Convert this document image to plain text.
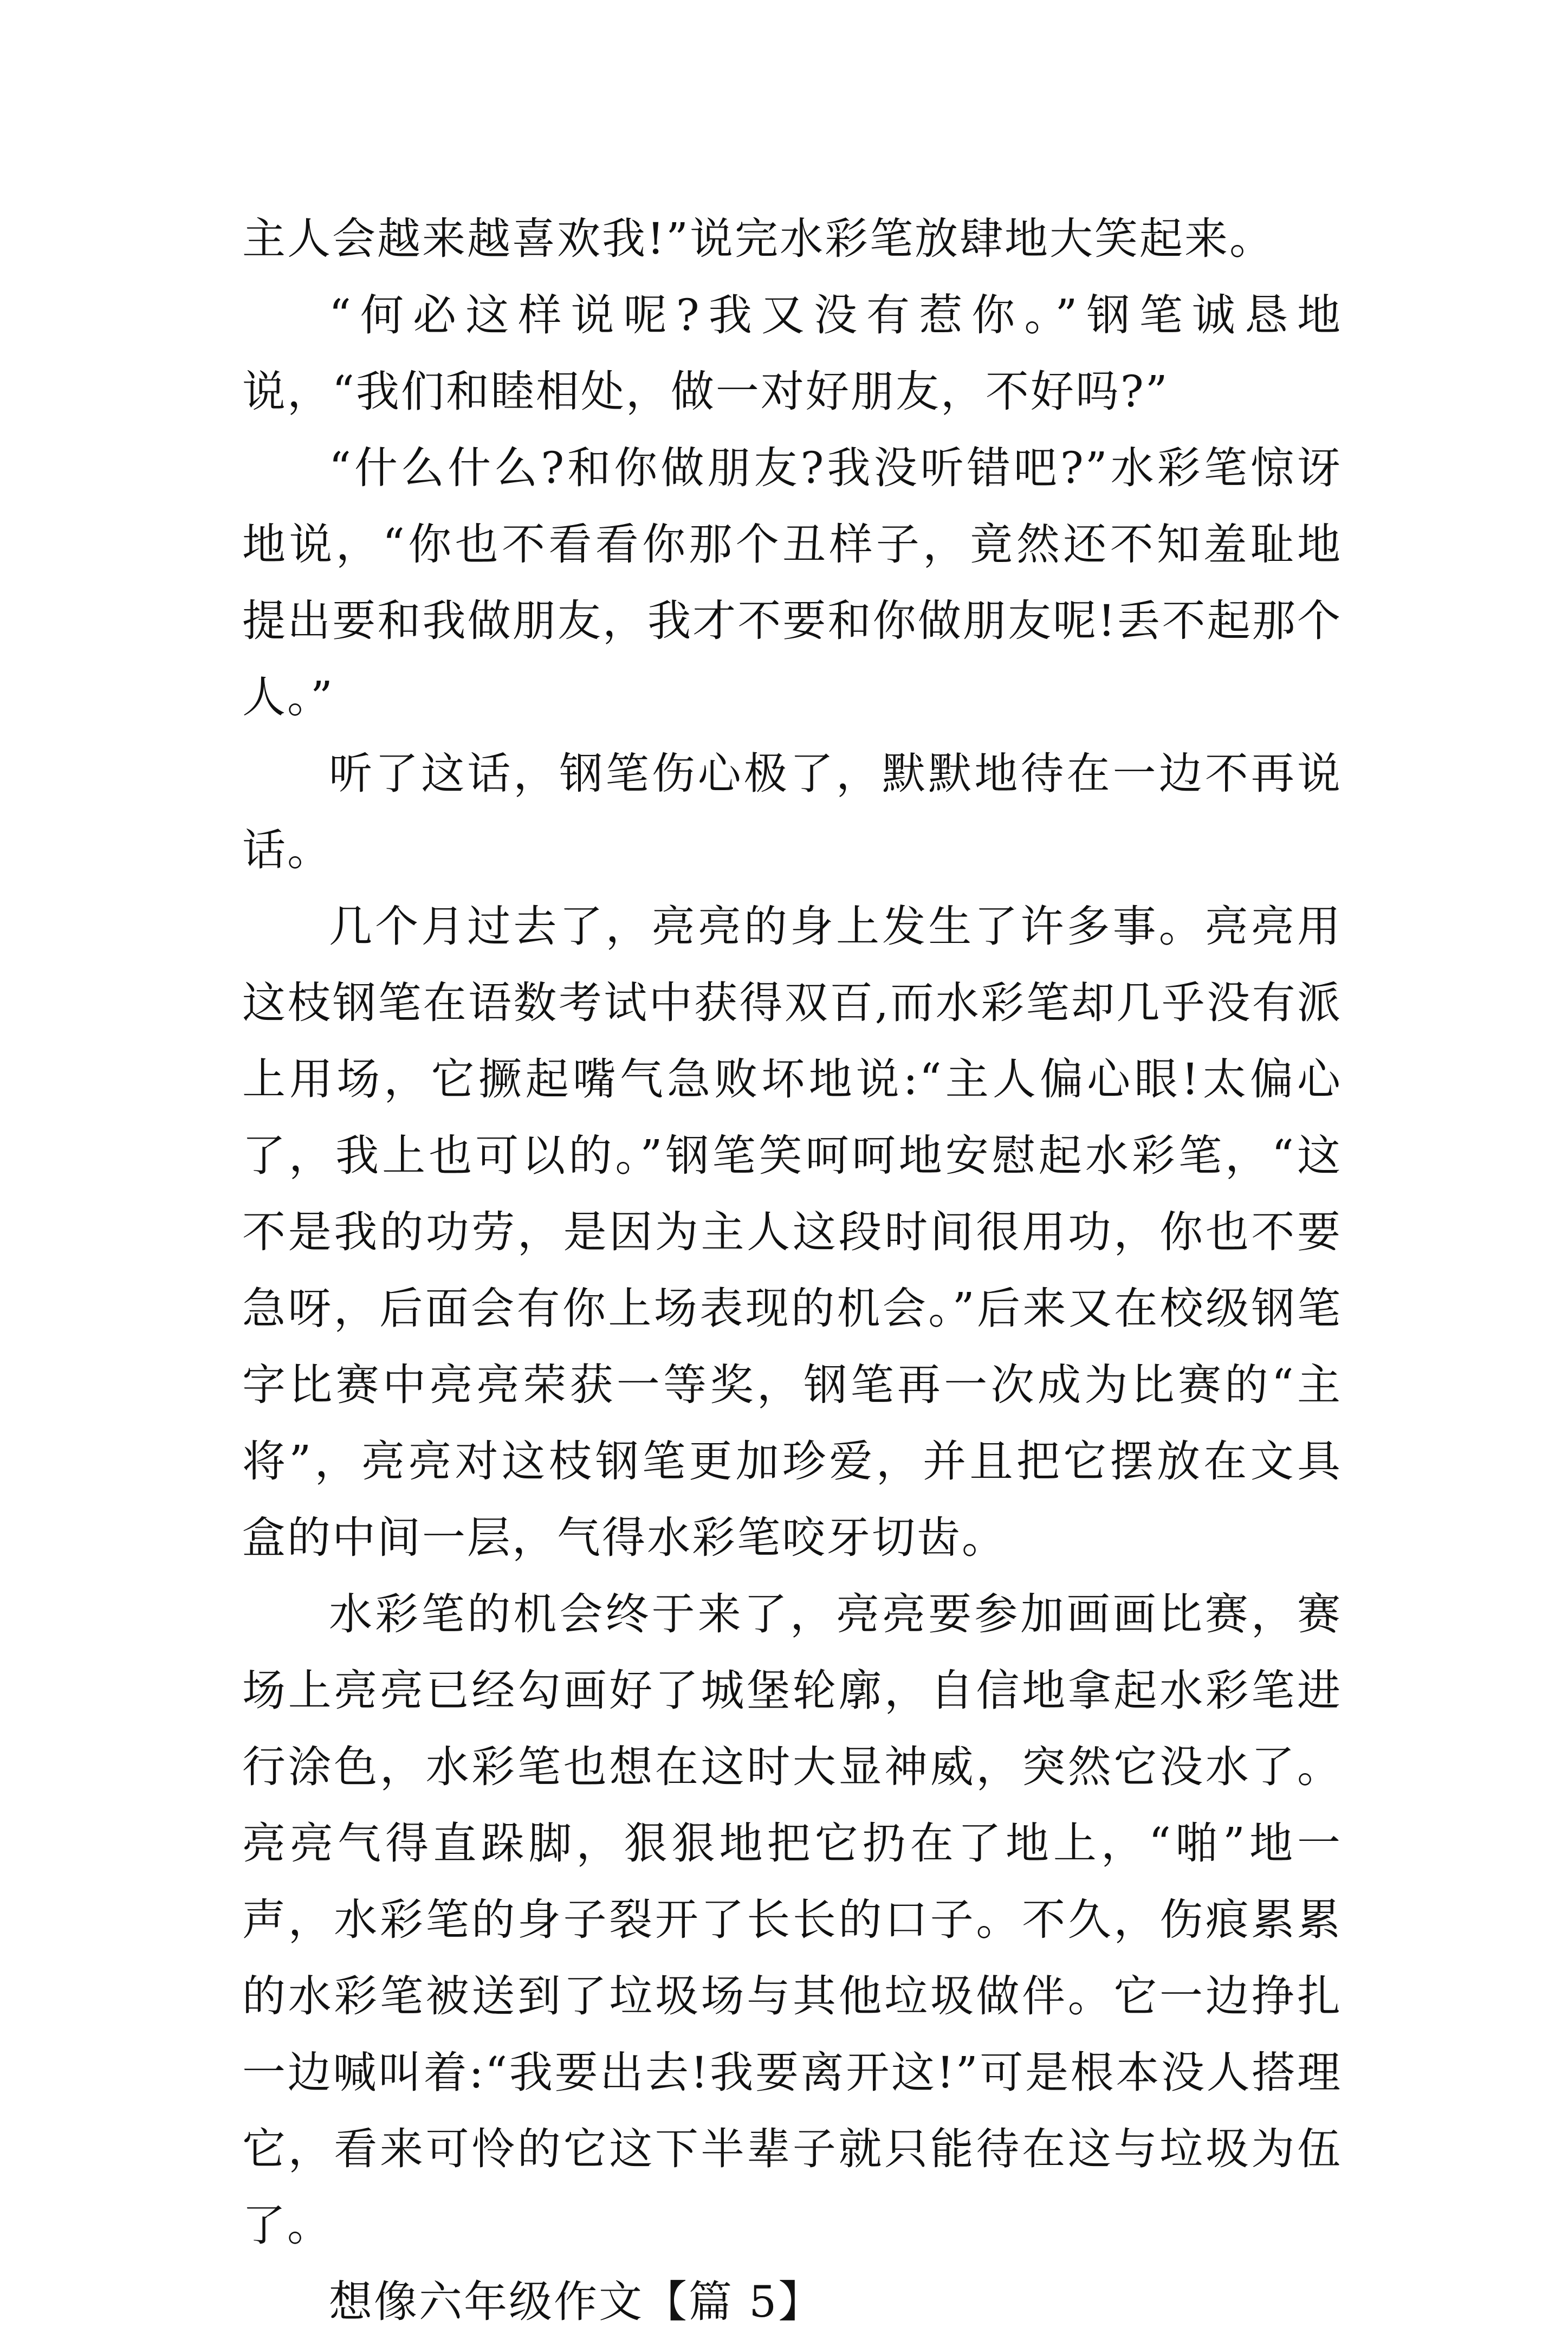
主人会越来越喜欢我!”说完水彩笔放肆地大笑起来。

“何必这样说呢?我又没有惹你。”钢笔诚恳地说，“我们和睦相处，做一对好朋友，不好吗?”

“什么什么?和你做朋友?我没听错吧?”水彩笔惊讶地说，“你也不看看你那个丑样子，竟然还不知羞耻地提出要和我做朋友，我才不要和你做朋友呢!丢不起那个人。”

听了这话，钢笔伤心极了，默默地待在一边不再说话。

几个月过去了，亮亮的身上发生了许多事。亮亮用这枝钢笔在语数考试中获得双百,而水彩笔却几乎没有派上用场，它撅起嘴气急败坏地说:“主人偏心眼!太偏心了，我上也可以的。”钢笔笑呵呵地安慰起水彩笔，“这不是我的功劳，是因为主人这段时间很用功，你也不要急呀，后面会有你上场表现的机会。”后来又在校级钢笔字比赛中亮亮荣获一等奖，钢笔再一次成为比赛的“主将”，亮亮对这枝钢笔更加珍爱，并且把它摆放在文具盒的中间一层，气得水彩笔咬牙切齿。

水彩笔的机会终于来了，亮亮要参加画画比赛，赛场上亮亮已经勾画好了城堡轮廓，自信地拿起水彩笔进行涂色，水彩笔也想在这时大显神威，突然它没水了。亮亮气得直跺脚，狠狠地把它扔在了地上，“啪”地一声，水彩笔的身子裂开了长长的口子。不久，伤痕累累的水彩笔被送到了垃圾场与其他垃圾做伴。它一边挣扎一边喊叫着:“我要出去!我要离开这!”可是根本没人搭理它，看来可怜的它这下半辈子就只能待在这与垃圾为伍了。

想像六年级作文【篇 5】
